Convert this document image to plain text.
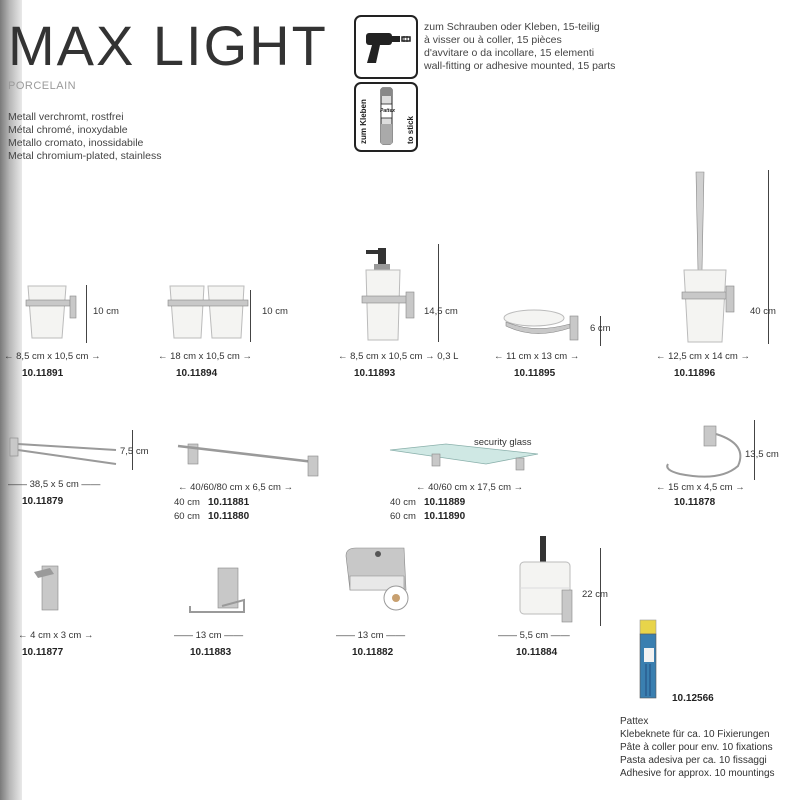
MAX LIGHT
PORCELAIN
Metall verchromt, rostfrei
Métal chromé, inoxydable
Metallo cromato, inossidabile
Metal chromium-plated, stainless
zum Kleben	to stick
Pattex
zum Schrauben oder Kleben, 15-teilig
à visser ou à coller, 15 pièces
d'avvitare o da incollare, 15 elementi
wall-fitting or adhesive mounted, 15 parts
10 cm
← 8,5 cm x 10,5 cm →
10.11891
10 cm
← 18 cm x 10,5 cm →
10.11894
14,5 cm
← 8,5 cm x 10,5 cm → 0,3 L
10.11893
6 cm
← 11 cm x 13 cm →
10.11895
40 cm
← 12,5 cm x 14 cm →
10.11896
7,5 cm
—— 38,5 x 5 cm ——
10.11879
← 40/60/80 cm x 6,5 cm →
40 cm 10.11881
60 cm 10.11880
security glass
← 40/60 cm x 17,5 cm →
40 cm 10.11889
60 cm 10.11890
13,5 cm
← 15 cm x 4,5 cm →
10.11878
← 4 cm x 3 cm →
10.11877
—— 13 cm ——
10.11883
—— 13 cm ——
10.11882
22 cm
—— 5,5 cm ——
10.11884
10.12566
Pattex
Klebeknete für ca. 10 Fixierungen
Pâte à coller pour env. 10 fixations
Pasta adesiva per ca. 10 fissaggi
Adhesive for approx. 10 mountings
